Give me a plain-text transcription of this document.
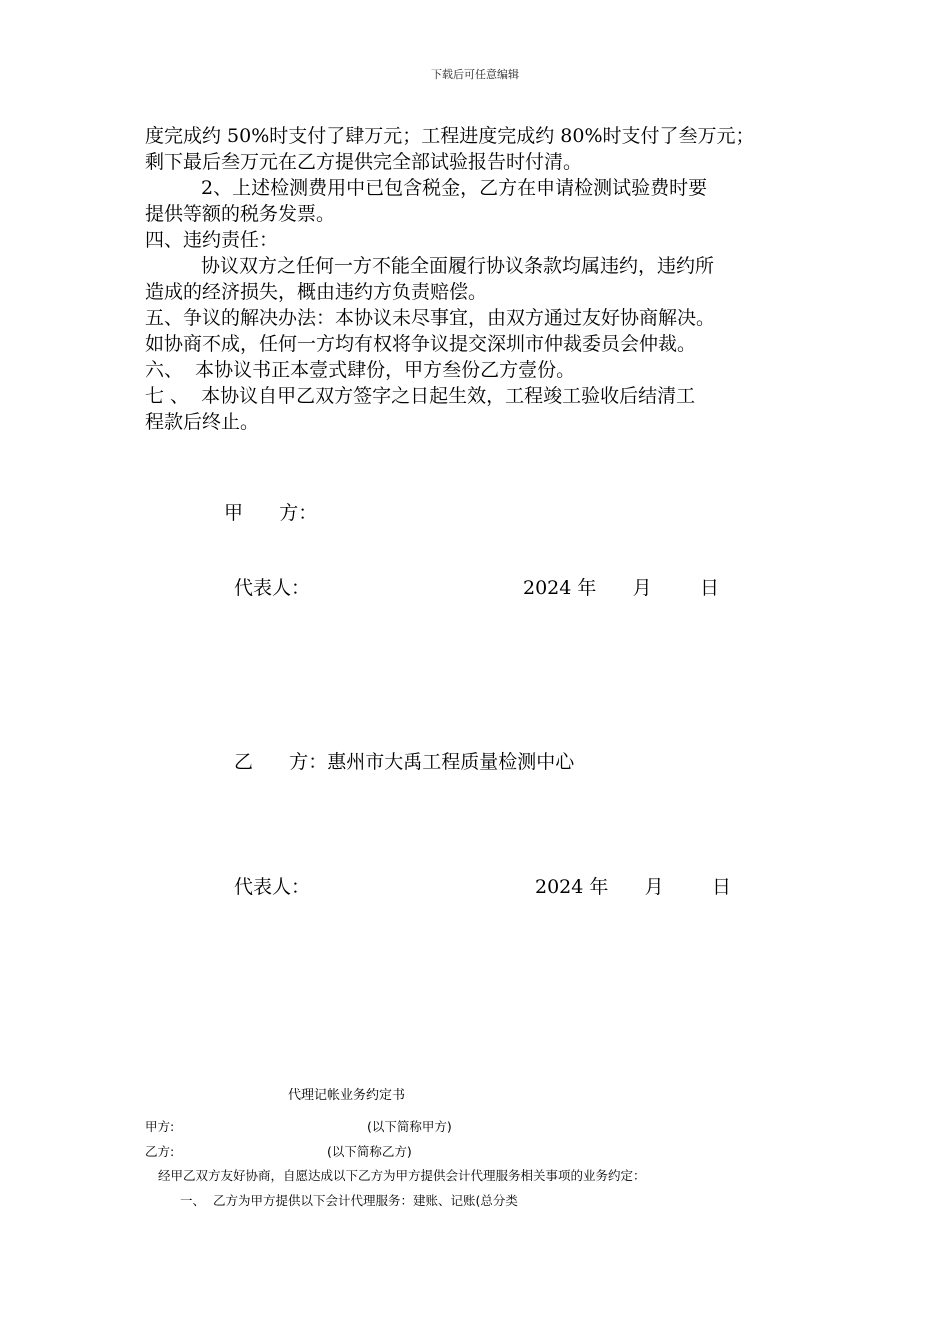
下载后可任意编辑

度完成约 50%时支付了肆万元；工程进度完成约 80%时支付了叁万元；

剩下最后叁万元在乙方提供完全部试验报告时付清。

2、上述检测费用中已包含税金，乙方在申请检测试验费时要

提供等额的税务发票。

四、违约责任：

协议双方之任何一方不能全面履行协议条款均属违约，违约所

造成的经济损失，概由违约方负责赔偿。

五、争议的解决办法：本协议未尽事宜，由双方通过友好协商解决。

如协商不成，任何一方均有权将争议提交深圳市仲裁委员会仲裁。

六、  本协议书正本壹式肆份，甲方叁份乙方壹份。

七 、  本协议自甲乙双方签字之日起生效，工程竣工验收后结清工

程款后终止。

甲      方：
代表人：	2024 年      月        日
乙      方：惠州市大禹工程质量检测中心
代表人：	2024 年      月        日
代理记帐业务约定书
甲方:	(以下简称甲方)
乙方:	(以下简称乙方)
经甲乙双方友好协商，自愿达成以下乙方为甲方提供会计代理服务相关事项的业务约定：
一、  乙方为甲方提供以下会计代理服务：建账、记账(总分类
